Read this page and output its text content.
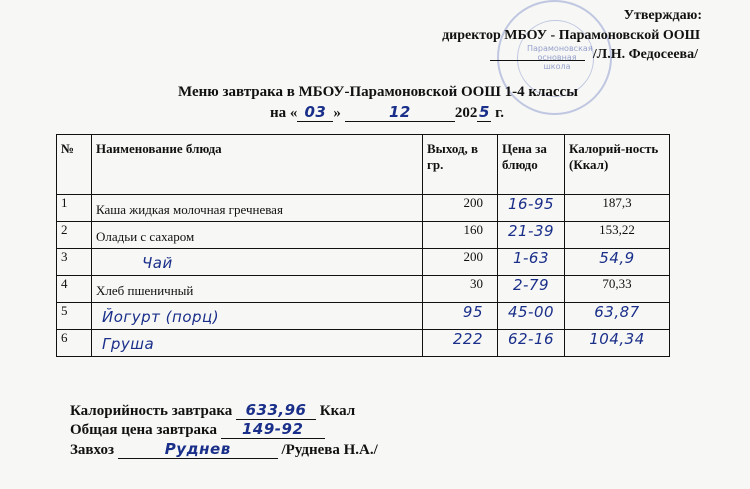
Парамоновская основная школа
Утверждаю:
директор МБОУ - Парамоновской ООШ
/Л.Н. Федосеева/
Меню завтрака в МБОУ-Парамоновской ООШ 1-4 классы
на « 03 »	12	202 5 г.
№	Наименование блюда	Выход, в гр.	Цена за блюдо	Калорий-ность (Ккал)
1	Каша жидкая молочная гречневая	200	16-95	187,3
2	Оладьи с сахаром	160	21-39	153,22
3	Чай	200	1-63	54,9
4	Хлеб пшеничный	30	2-79	70,33
5	Йогурт (порц)	95	45-00	63,87
6	Груша	222	62-16	104,34
Калорийность завтрака 633,96 Ккал
Общая цена завтрака 149-92
Завхоз	Руднев	/Руднева Н.А./
